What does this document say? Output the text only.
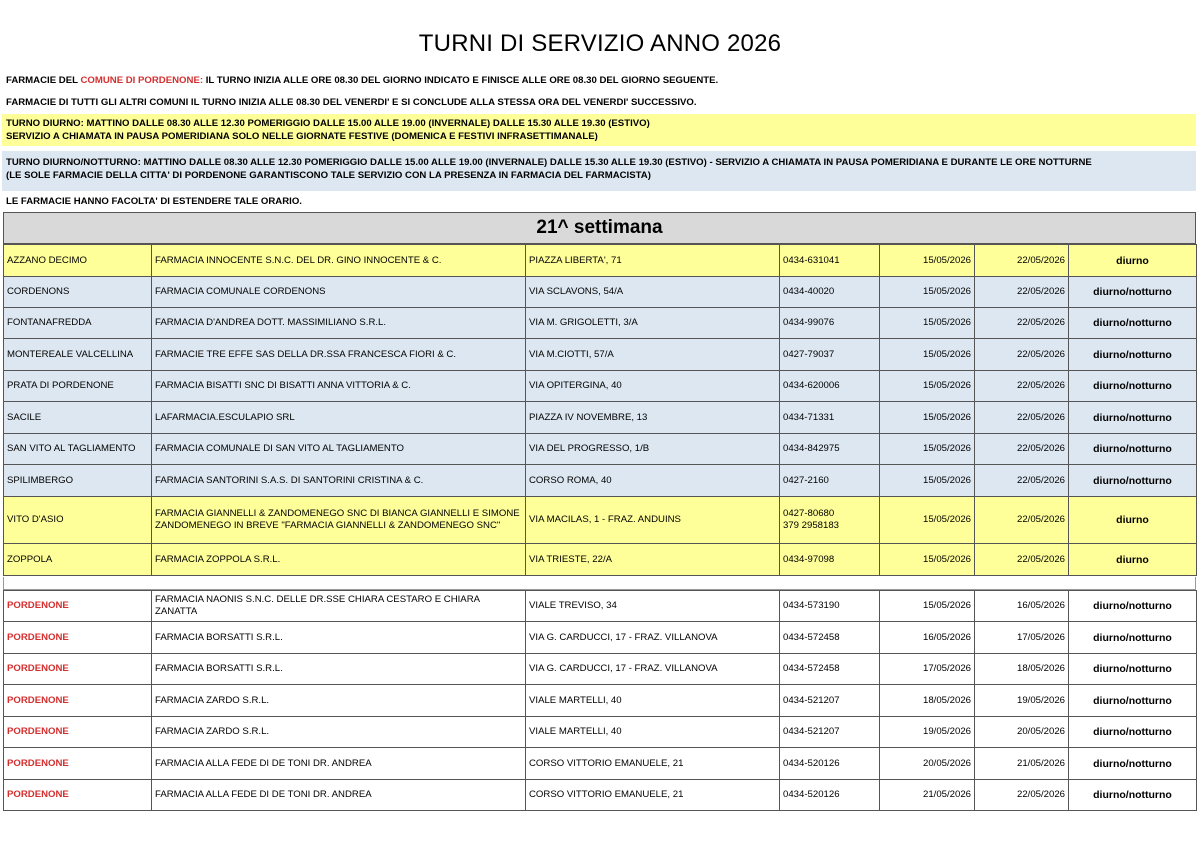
TURNI DI SERVIZIO ANNO 2026
FARMACIE DEL COMUNE DI PORDENONE: IL TURNO INIZIA ALLE ORE 08.30 DEL GIORNO INDICATO E FINISCE ALLE ORE 08.30 DEL GIORNO SEGUENTE.
FARMACIE DI TUTTI GLI ALTRI COMUNI IL TURNO INIZIA ALLE 08.30 DEL VENERDI' E SI CONCLUDE ALLA STESSA ORA DEL VENERDI' SUCCESSIVO.
TURNO DIURNO: MATTINO DALLE 08.30 ALLE 12.30 POMERIGGIO DALLE 15.00 ALLE 19.00 (INVERNALE) DALLE 15.30 ALLE 19.30 (ESTIVO)
SERVIZIO A CHIAMATA IN PAUSA POMERIDIANA SOLO NELLE GIORNATE FESTIVE (DOMENICA E FESTIVI INFRASETTIMANALE)
TURNO DIURNO/NOTTURNO: MATTINO DALLE 08.30 ALLE 12.30 POMERIGGIO DALLE 15.00 ALLE 19.00 (INVERNALE) DALLE 15.30 ALLE 19.30 (ESTIVO) - SERVIZIO A CHIAMATA IN PAUSA POMERIDIANA E DURANTE LE ORE NOTTURNE
(LE SOLE FARMACIE DELLA CITTA' DI PORDENONE GARANTISCONO TALE SERVIZIO CON LA PRESENZA IN FARMACIA DEL FARMACISTA)
LE FARMACIE HANNO FACOLTA' DI ESTENDERE TALE ORARIO.
21^ settimana
AZZANO DECIMO	FARMACIA INNOCENTE S.N.C. DEL DR. GINO INNOCENTE & C.	PIAZZA LIBERTA', 71	0434-631041	15/05/2026	22/05/2026	diurno
CORDENONS	FARMACIA COMUNALE CORDENONS	VIA SCLAVONS, 54/A	0434-40020	15/05/2026	22/05/2026	diurno/notturno
FONTANAFREDDA	FARMACIA D'ANDREA DOTT. MASSIMILIANO S.R.L.	VIA M. GRIGOLETTI, 3/A	0434-99076	15/05/2026	22/05/2026	diurno/notturno
MONTEREALE VALCELLINA	FARMACIE TRE EFFE SAS DELLA DR.SSA FRANCESCA FIORI & C.	VIA M.CIOTTI, 57/A	0427-79037	15/05/2026	22/05/2026	diurno/notturno
PRATA DI PORDENONE	FARMACIA BISATTI SNC DI BISATTI ANNA VITTORIA & C.	VIA OPITERGINA, 40	0434-620006	15/05/2026	22/05/2026	diurno/notturno
SACILE	LAFARMACIA.ESCULAPIO SRL	PIAZZA IV NOVEMBRE, 13	0434-71331	15/05/2026	22/05/2026	diurno/notturno
SAN VITO AL TAGLIAMENTO	FARMACIA COMUNALE DI SAN VITO AL TAGLIAMENTO	VIA DEL PROGRESSO, 1/B	0434-842975	15/05/2026	22/05/2026	diurno/notturno
SPILIMBERGO	FARMACIA SANTORINI S.A.S. DI SANTORINI CRISTINA & C.	CORSO ROMA, 40	0427-2160	15/05/2026	22/05/2026	diurno/notturno
VITO D'ASIO	FARMACIA GIANNELLI & ZANDOMENEGO SNC DI BIANCA GIANNELLI E SIMONE ZANDOMENEGO IN BREVE "FARMACIA GIANNELLI & ZANDOMENEGO SNC"	VIA MACILAS, 1 - FRAZ. ANDUINS	0427-80680
379 2958183	15/05/2026	22/05/2026	diurno
ZOPPOLA	FARMACIA ZOPPOLA S.R.L.	VIA TRIESTE, 22/A	0434-97098	15/05/2026	22/05/2026	diurno
PORDENONE	FARMACIA NAONIS S.N.C. DELLE DR.SSE CHIARA CESTARO E CHIARA ZANATTA	VIALE TREVISO, 34	0434-573190	15/05/2026	16/05/2026	diurno/notturno
PORDENONE	FARMACIA BORSATTI S.R.L.	VIA G. CARDUCCI, 17 - FRAZ. VILLANOVA	0434-572458	16/05/2026	17/05/2026	diurno/notturno
PORDENONE	FARMACIA BORSATTI S.R.L.	VIA G. CARDUCCI, 17 - FRAZ. VILLANOVA	0434-572458	17/05/2026	18/05/2026	diurno/notturno
PORDENONE	FARMACIA ZARDO S.R.L.	VIALE MARTELLI, 40	0434-521207	18/05/2026	19/05/2026	diurno/notturno
PORDENONE	FARMACIA ZARDO S.R.L.	VIALE MARTELLI, 40	0434-521207	19/05/2026	20/05/2026	diurno/notturno
PORDENONE	FARMACIA ALLA FEDE DI DE TONI DR. ANDREA	CORSO VITTORIO EMANUELE, 21	0434-520126	20/05/2026	21/05/2026	diurno/notturno
PORDENONE	FARMACIA ALLA FEDE DI DE TONI DR. ANDREA	CORSO VITTORIO EMANUELE, 21	0434-520126	21/05/2026	22/05/2026	diurno/notturno
